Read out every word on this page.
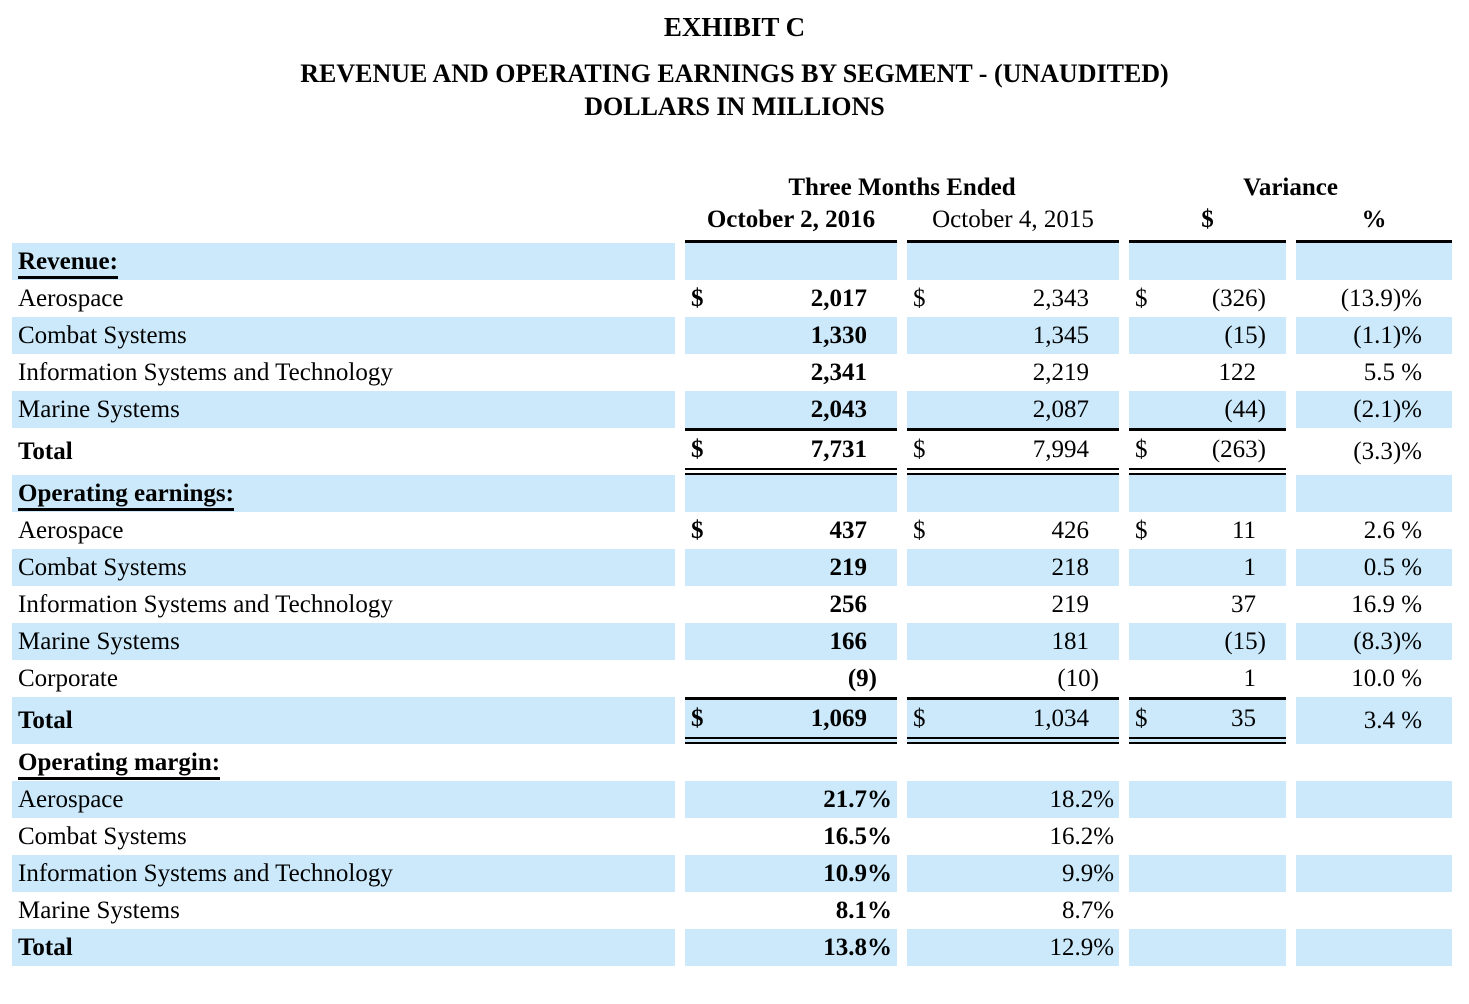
EXHIBIT C
REVENUE AND OPERATING EARNINGS BY SEGMENT - (UNAUDITED)
DOLLARS IN MILLIONS
	Three Months Ended		Variance	
	October 2, 2016	October 4, 2015	$	%
Revenue:	

Aerospace	$ 2,017	$ 2,343	$ (326)	(13.9)%
Combat Systems	1,330	1,345	(15)	(1.1)%
Information Systems and Technology	2,341	2,219	122	5.5 %
Marine Systems	2,043	2,087	(44)	(2.1)%
Total	$ 7,731	$ 7,994	$ (263)	(3.3)%
Operating earnings:	

Aerospace	$ 437	$ 426	$ 11	2.6 %
Combat Systems	219	218	1	0.5 %
Information Systems and Technology	256	219	37	16.9 %
Marine Systems	166	181	(15)	(8.3)%
Corporate	(9)	(10)	1	10.0 %
Total	$ 1,069	$ 1,034	$ 35	3.4 %
Operating margin:	

Aerospace	21.7%	18.2%	

Combat Systems	16.5%	16.2%	

Information Systems and Technology	10.9%	9.9%	

Marine Systems	8.1%	8.7%	

Total	13.8%	12.9%	
